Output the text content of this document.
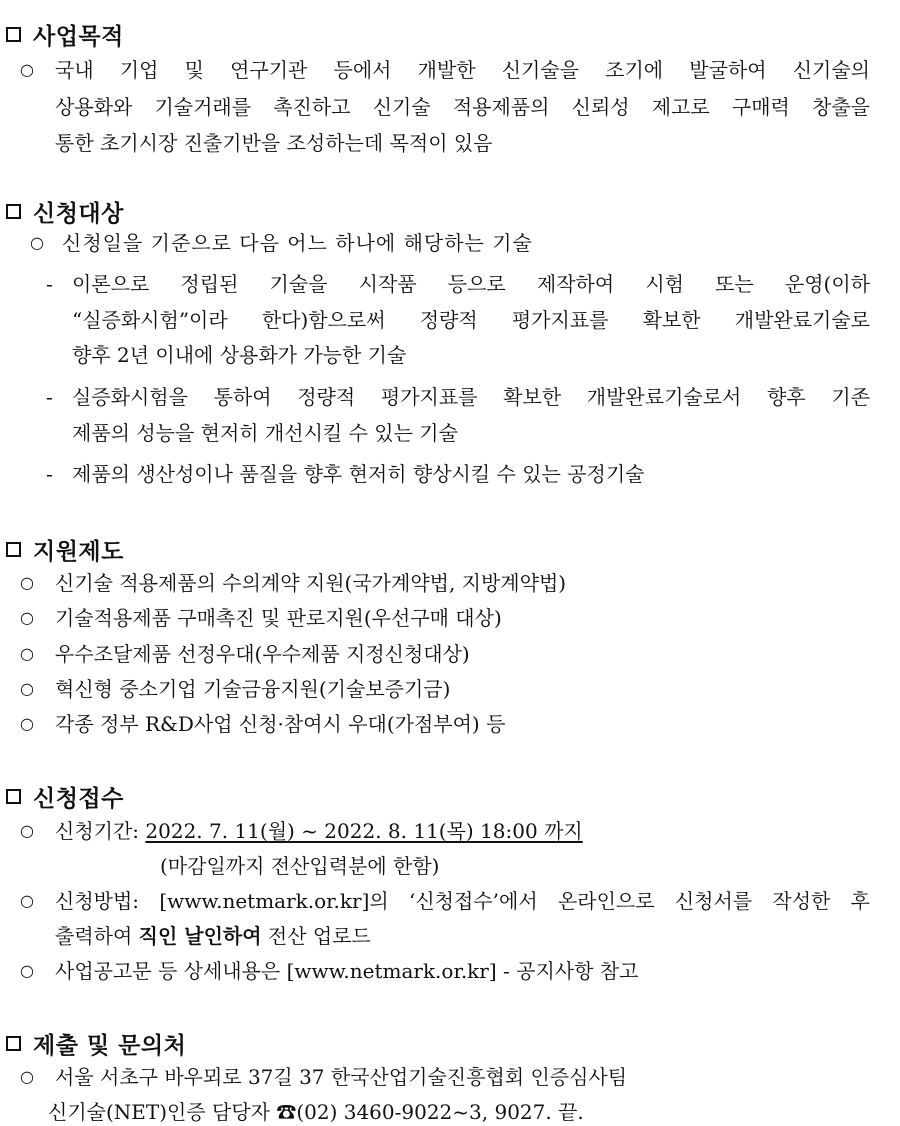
사업목적
○ 국내 기업 및 연구기관 등에서 개발한 신기술을 조기에 발굴하여 신기술의
상용화와 기술거래를 촉진하고 신기술 적용제품의 신뢰성 제고로 구매력 창출을
통한 초기시장 진출기반을 조성하는데 목적이 있음
신청대상
○ 신청일을 기준으로 다음 어느 하나에 해당하는 기술
- 이론으로 정립된 기술을 시작품 등으로 제작하여 시험 또는 운영(이하
“실증화시험”이라 한다)함으로써 정량적 평가지표를 확보한 개발완료기술로
향후 2년 이내에 상용화가 가능한 기술
- 실증화시험을 통하여 정량적 평가지표를 확보한 개발완료기술로서 향후 기존
제품의 성능을 현저히 개선시킬 수 있는 기술
- 제품의 생산성이나 품질을 향후 현저히 향상시킬 수 있는 공정기술
지원제도
○ 신기술 적용제품의 수의계약 지원(국가계약법, 지방계약법)
○ 기술적용제품 구매촉진 및 판로지원(우선구매 대상)
○ 우수조달제품 선정우대(우수제품 지정신청대상)
○ 혁신형 중소기업 기술금융지원(기술보증기금)
○ 각종 정부 R&D사업 신청·참여시 우대(가점부여) 등
신청접수
○ 신청기간: 2022. 7. 11(월) ~ 2022. 8. 11(목) 18:00 까지
(마감일까지 전산입력분에 한함)
○ 신청방법: [www.netmark.or.kr]의 ‘신청접수’에서 온라인으로 신청서를 작성한 후
출력하여 직인 날인하여 전산 업로드
○ 사업공고문 등 상세내용은 [www.netmark.or.kr] - 공지사항 참고
제출 및 문의처
○ 서울 서초구 바우뫼로 37길 37 한국산업기술진흥협회 인증심사팀
신기술(NET)인증 담당자 ☎(02) 3460-9022~3, 9027. 끝.
